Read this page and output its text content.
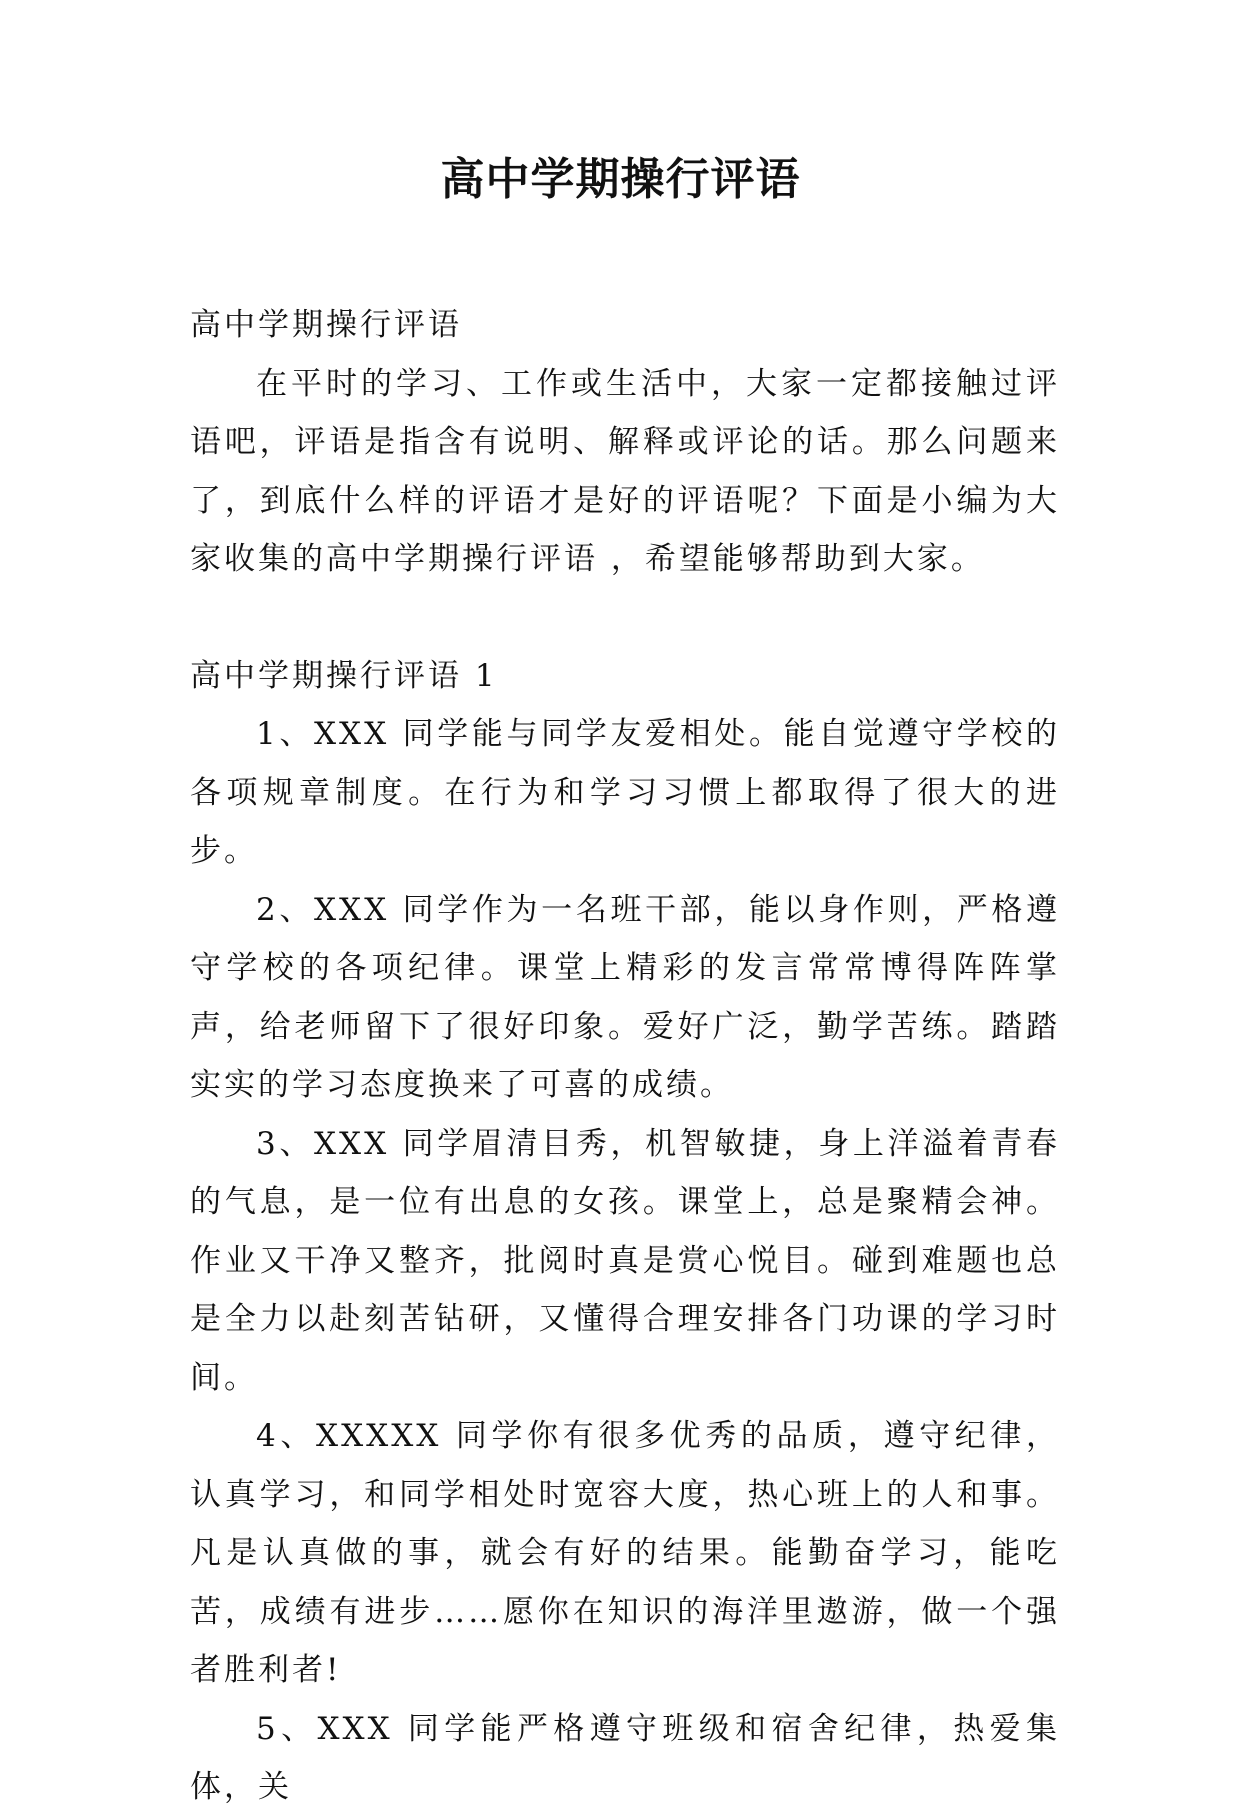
高中学期操行评语

高中学期操行评语

在平时的学习、工作或生活中，大家一定都接触过评语吧，评语是指含有说明、解释或评论的话。那么问题来了，到底什么样的评语才是好的评语呢？下面是小编为大家收集的高中学期操行评语 ，希望能够帮助到大家。

高中学期操行评语 1

1、XXX 同学能与同学友爱相处。能自觉遵守学校的各项规章制度。在行为和学习习惯上都取得了很大的进步。

2、XXX 同学作为一名班干部，能以身作则，严格遵守学校的各项纪律。课堂上精彩的发言常常博得阵阵掌声，给老师留下了很好印象。爱好广泛，勤学苦练。踏踏实实的学习态度换来了可喜的成绩。

3、XXX 同学眉清目秀，机智敏捷，身上洋溢着青春的气息，是一位有出息的女孩。课堂上，总是聚精会神。作业又干净又整齐，批阅时真是赏心悦目。碰到难题也总是全力以赴刻苦钻研，又懂得合理安排各门功课的学习时间。

4、XXXXX 同学你有很多优秀的品质，遵守纪律，认真学习，和同学相处时宽容大度，热心班上的人和事。凡是认真做的事，就会有好的结果。能勤奋学习，能吃苦，成绩有进步……愿你在知识的海洋里遨游，做一个强者胜利者!

5、XXX 同学能严格遵守班级和宿舍纪律，热爱集体，关
